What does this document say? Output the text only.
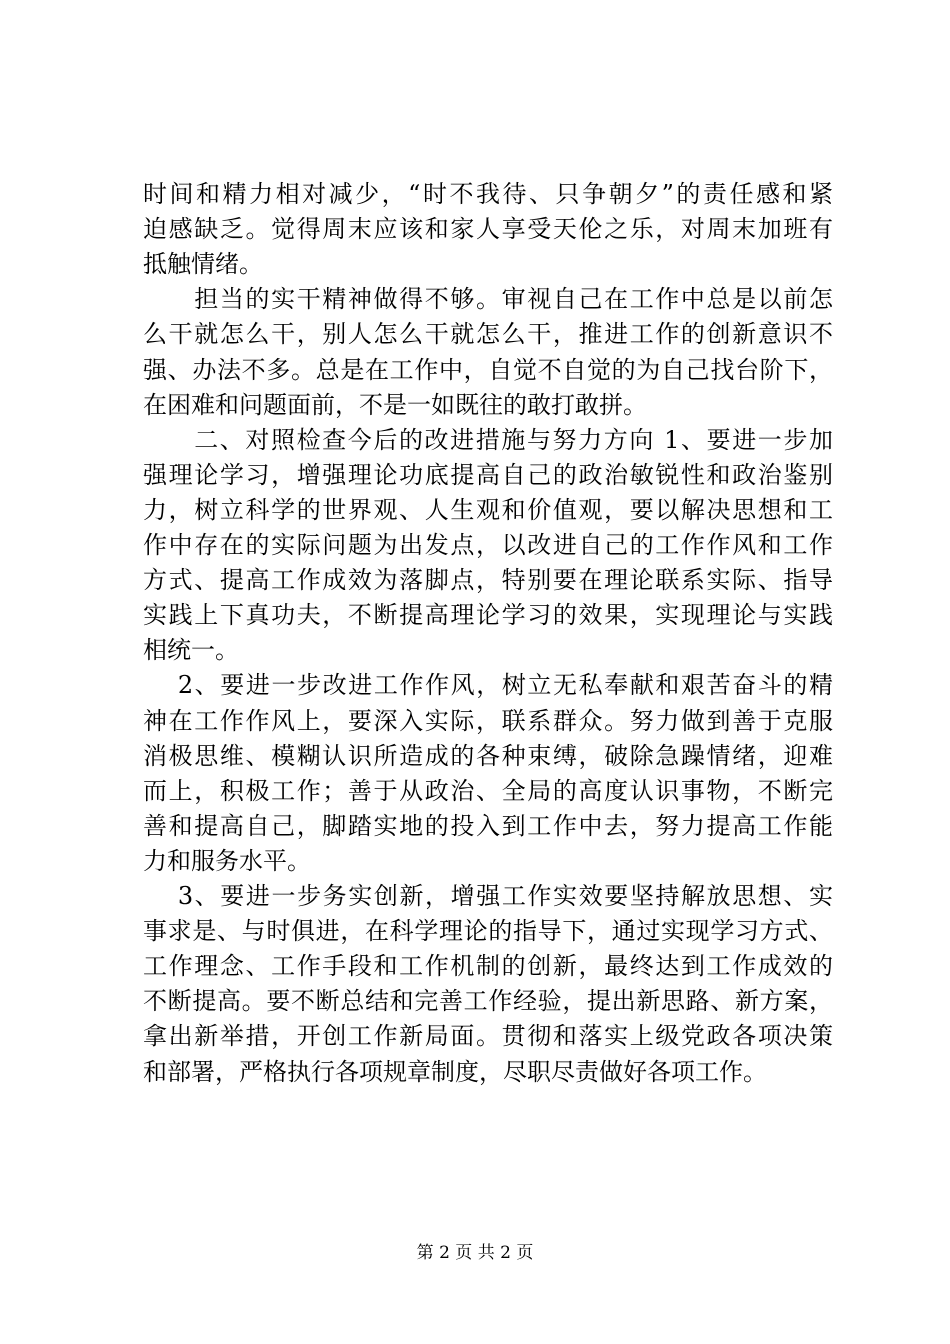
时间和精力相对减少，“时不我待、只争朝夕”的责任感和紧
迫感缺乏。觉得周末应该和家人享受天伦之乐，对周末加班有
抵触情绪。
　　担当的实干精神做得不够。审视自己在工作中总是以前怎
么干就怎么干，别人怎么干就怎么干，推进工作的创新意识不
强、办法不多。总是在工作中，自觉不自觉的为自己找台阶下，
在困难和问题面前，不是一如既往的敢打敢拼。
　　二、对照检查今后的改进措施与努力方向 1、要进一步加
强理论学习，增强理论功底提高自己的政治敏锐性和政治鉴别
力，树立科学的世界观、人生观和价值观，要以解决思想和工
作中存在的实际问题为出发点，以改进自己的工作作风和工作
方式、提高工作成效为落脚点，特别要在理论联系实际、指导
实践上下真功夫，不断提高理论学习的效果，实现理论与实践
相统一。
　 2、要进一步改进工作作风，树立无私奉献和艰苦奋斗的精
神在工作作风上，要深入实际，联系群众。努力做到善于克服
消极思维、模糊认识所造成的各种束缚，破除急躁情绪，迎难
而上，积极工作；善于从政治、全局的高度认识事物，不断完
善和提高自己，脚踏实地的投入到工作中去，努力提高工作能
力和服务水平。
　 3、要进一步务实创新，增强工作实效要坚持解放思想、实
事求是、与时俱进，在科学理论的指导下，通过实现学习方式、
工作理念、工作手段和工作机制的创新，最终达到工作成效的
不断提高。要不断总结和完善工作经验，提出新思路、新方案，
拿出新举措，开创工作新局面。贯彻和落实上级党政各项决策
和部署，严格执行各项规章制度，尽职尽责做好各项工作。
第 2 页 共 2 页
